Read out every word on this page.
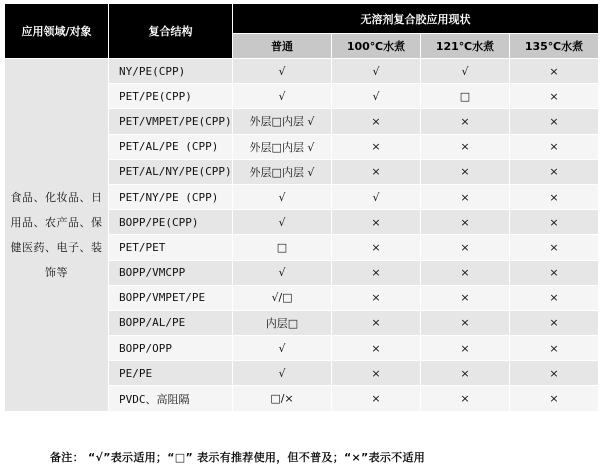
应用领域/对象	复合结构	无溶剂复合胶应用现状			
		普通	100℃水煮	121℃水煮	135℃水煮
食品、化妆品、日用品、农产品、保健医药、电子、装饰等	NY/PE(CPP)	√	√	√	×
	PET/PE(CPP)	√	√	□	×
	PET/VMPET/PE(CPP)	外层□内层 √	×	×	×
	PET/AL/PE (CPP)	外层□内层 √	×	×	×
	PET/AL/NY/PE(CPP)	外层□内层 √	×	×	×
	PET/NY/PE (CPP)	√	√	×	×
	BOPP/PE(CPP)	√	×	×	×
	PET/PET	□	×	×	×
	BOPP/VMCPP	√	×	×	×
	BOPP/VMPET/PE	√/□	×	×	×
	BOPP/AL/PE	内层□	×	×	×
	BOPP/OPP	√	×	×	×
	PE/PE	√	×	×	×
	PVDC、高阻隔	□/×	×	×	×
备注： “√”表示适用；“□” 表示有推荐使用，但不普及；“×”表示不适用
